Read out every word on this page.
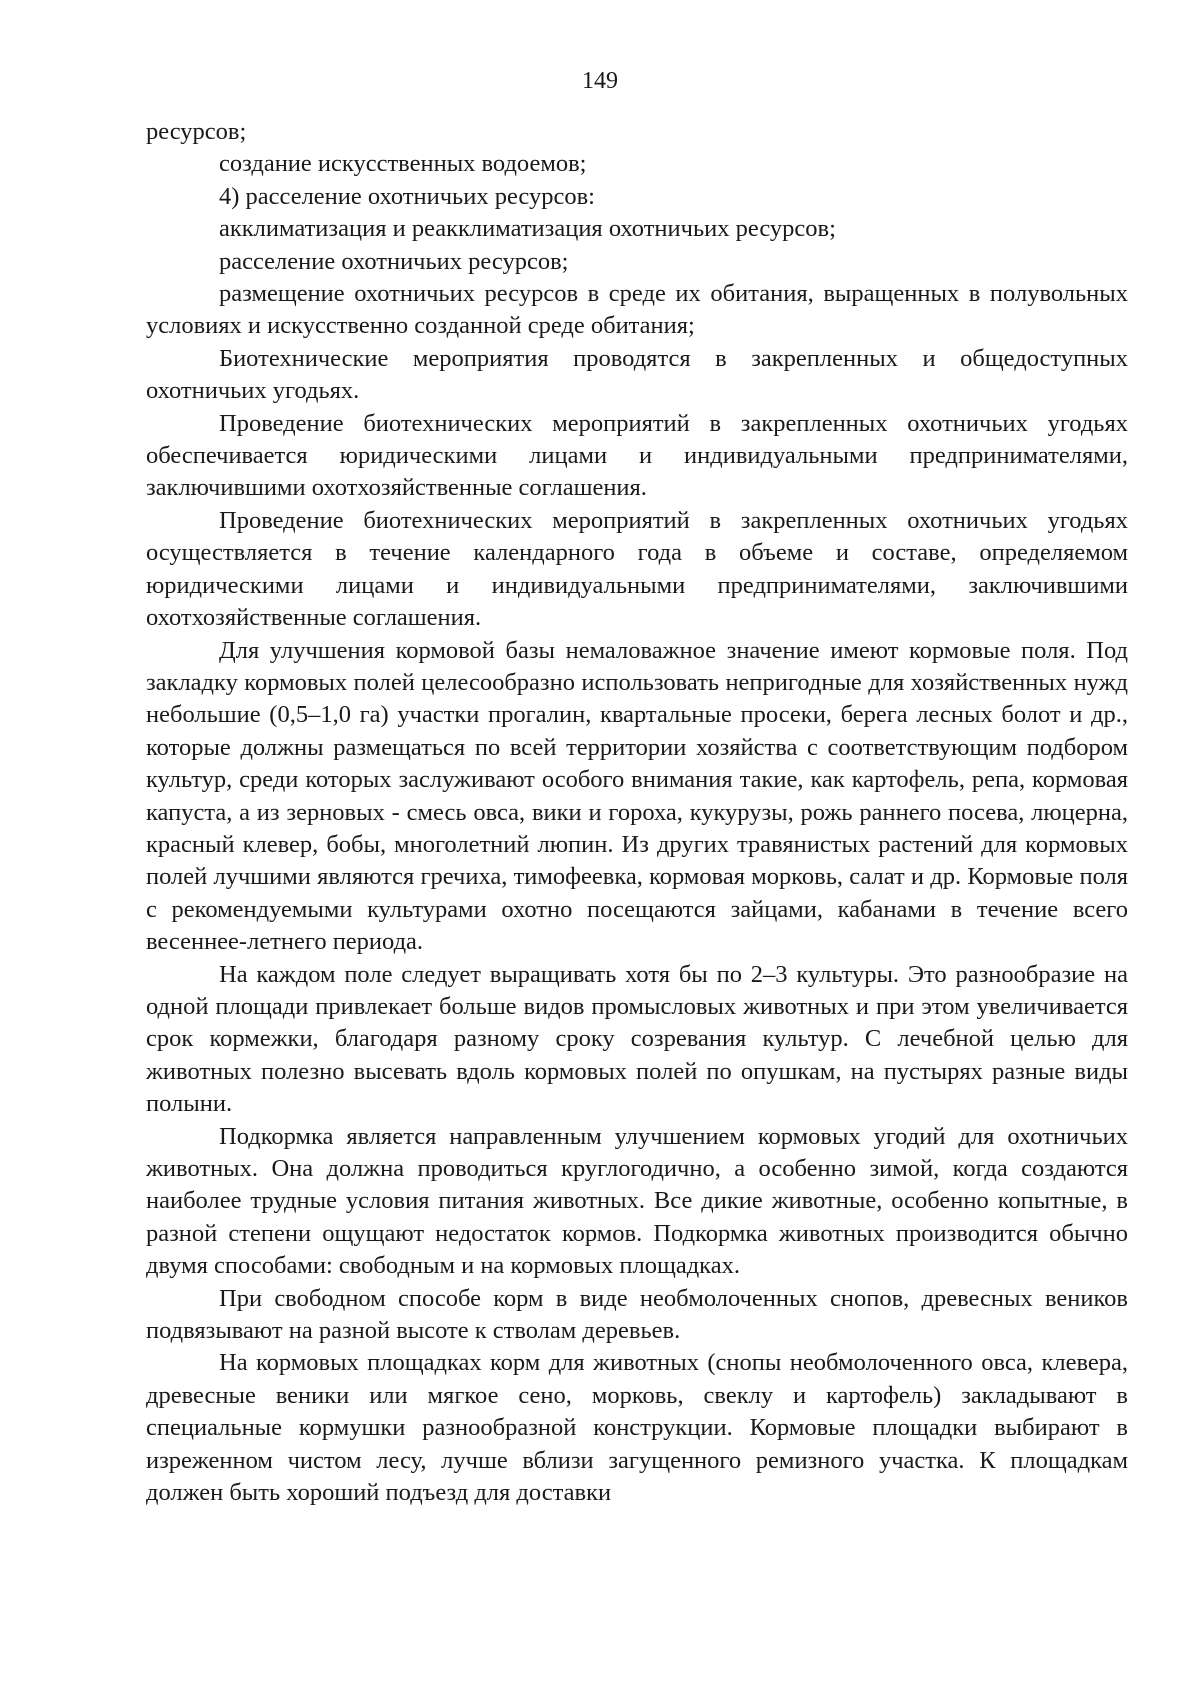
149

ресурсов;

создание искусственных водоемов;

4) расселение охотничьих ресурсов:

акклиматизация и реакклиматизация охотничьих ресурсов;

расселение охотничьих ресурсов;

размещение охотничьих ресурсов в среде их обитания, выращенных в полувольных условиях и искусственно созданной среде обитания;

Биотехнические мероприятия проводятся в закрепленных и общедоступных охотничьих угодьях.

Проведение биотехнических мероприятий в закрепленных охотничьих угодьях обеспечивается юридическими лицами и индивидуальными предпринимателями, заключившими охотхозяйственные соглашения.

Проведение биотехнических мероприятий в закрепленных охотничьих угодьях осуществляется в течение календарного года в объеме и составе, определяемом юридическими лицами и индивидуальными предпринимателями, заключившими охотхозяйственные соглашения.

Для улучшения кормовой базы немаловажное значение имеют кормовые поля. Под закладку кормовых полей целесообразно использовать непригодные для хозяйственных нужд небольшие (0,5–1,0 га) участки прогалин, квартальные просеки, берега лесных болот и др., которые должны размещаться по всей территории хозяйства с соответствующим подбором культур, среди которых заслуживают особого внимания такие, как картофель, репа, кормовая капуста, а из зерновых - смесь овса, вики и гороха, кукурузы, рожь раннего посева, люцерна, красный клевер, бобы, многолетний люпин. Из других травянистых растений для кормовых полей лучшими являются гречиха, тимофеевка, кормовая морковь, салат и др. Кормовые поля с рекомендуемыми культурами охотно посещаются зайцами, кабанами в течение всего весеннее-летнего периода.

На каждом поле следует выращивать хотя бы по 2–3 культуры. Это разнообразие на одной площади привлекает больше видов промысловых животных и при этом увеличивается срок кормежки, благодаря разному сроку созревания культур. С лечебной целью для животных полезно высевать вдоль кормовых полей по опушкам, на пустырях разные виды полыни.

Подкормка является направленным улучшением кормовых угодий для охотничьих животных. Она должна проводиться круглогодично, а особенно зимой, когда создаются наиболее трудные условия питания животных. Все дикие животные, особенно копытные, в разной степени ощущают недостаток кормов. Подкормка животных производится обычно двумя способами: свободным и на кормовых площадках.

При свободном способе корм в виде необмолоченных снопов, древесных веников подвязывают на разной высоте к стволам деревьев.

На кормовых площадках корм для животных (снопы необмолоченного овса, клевера, древесные веники или мягкое сено, морковь, свеклу и картофель) закладывают в специальные кормушки разнообразной конструкции. Кормовые площадки выбирают в изреженном чистом лесу, лучше вблизи загущенного ремизного участка. К площадкам должен быть хороший подъезд для доставки
